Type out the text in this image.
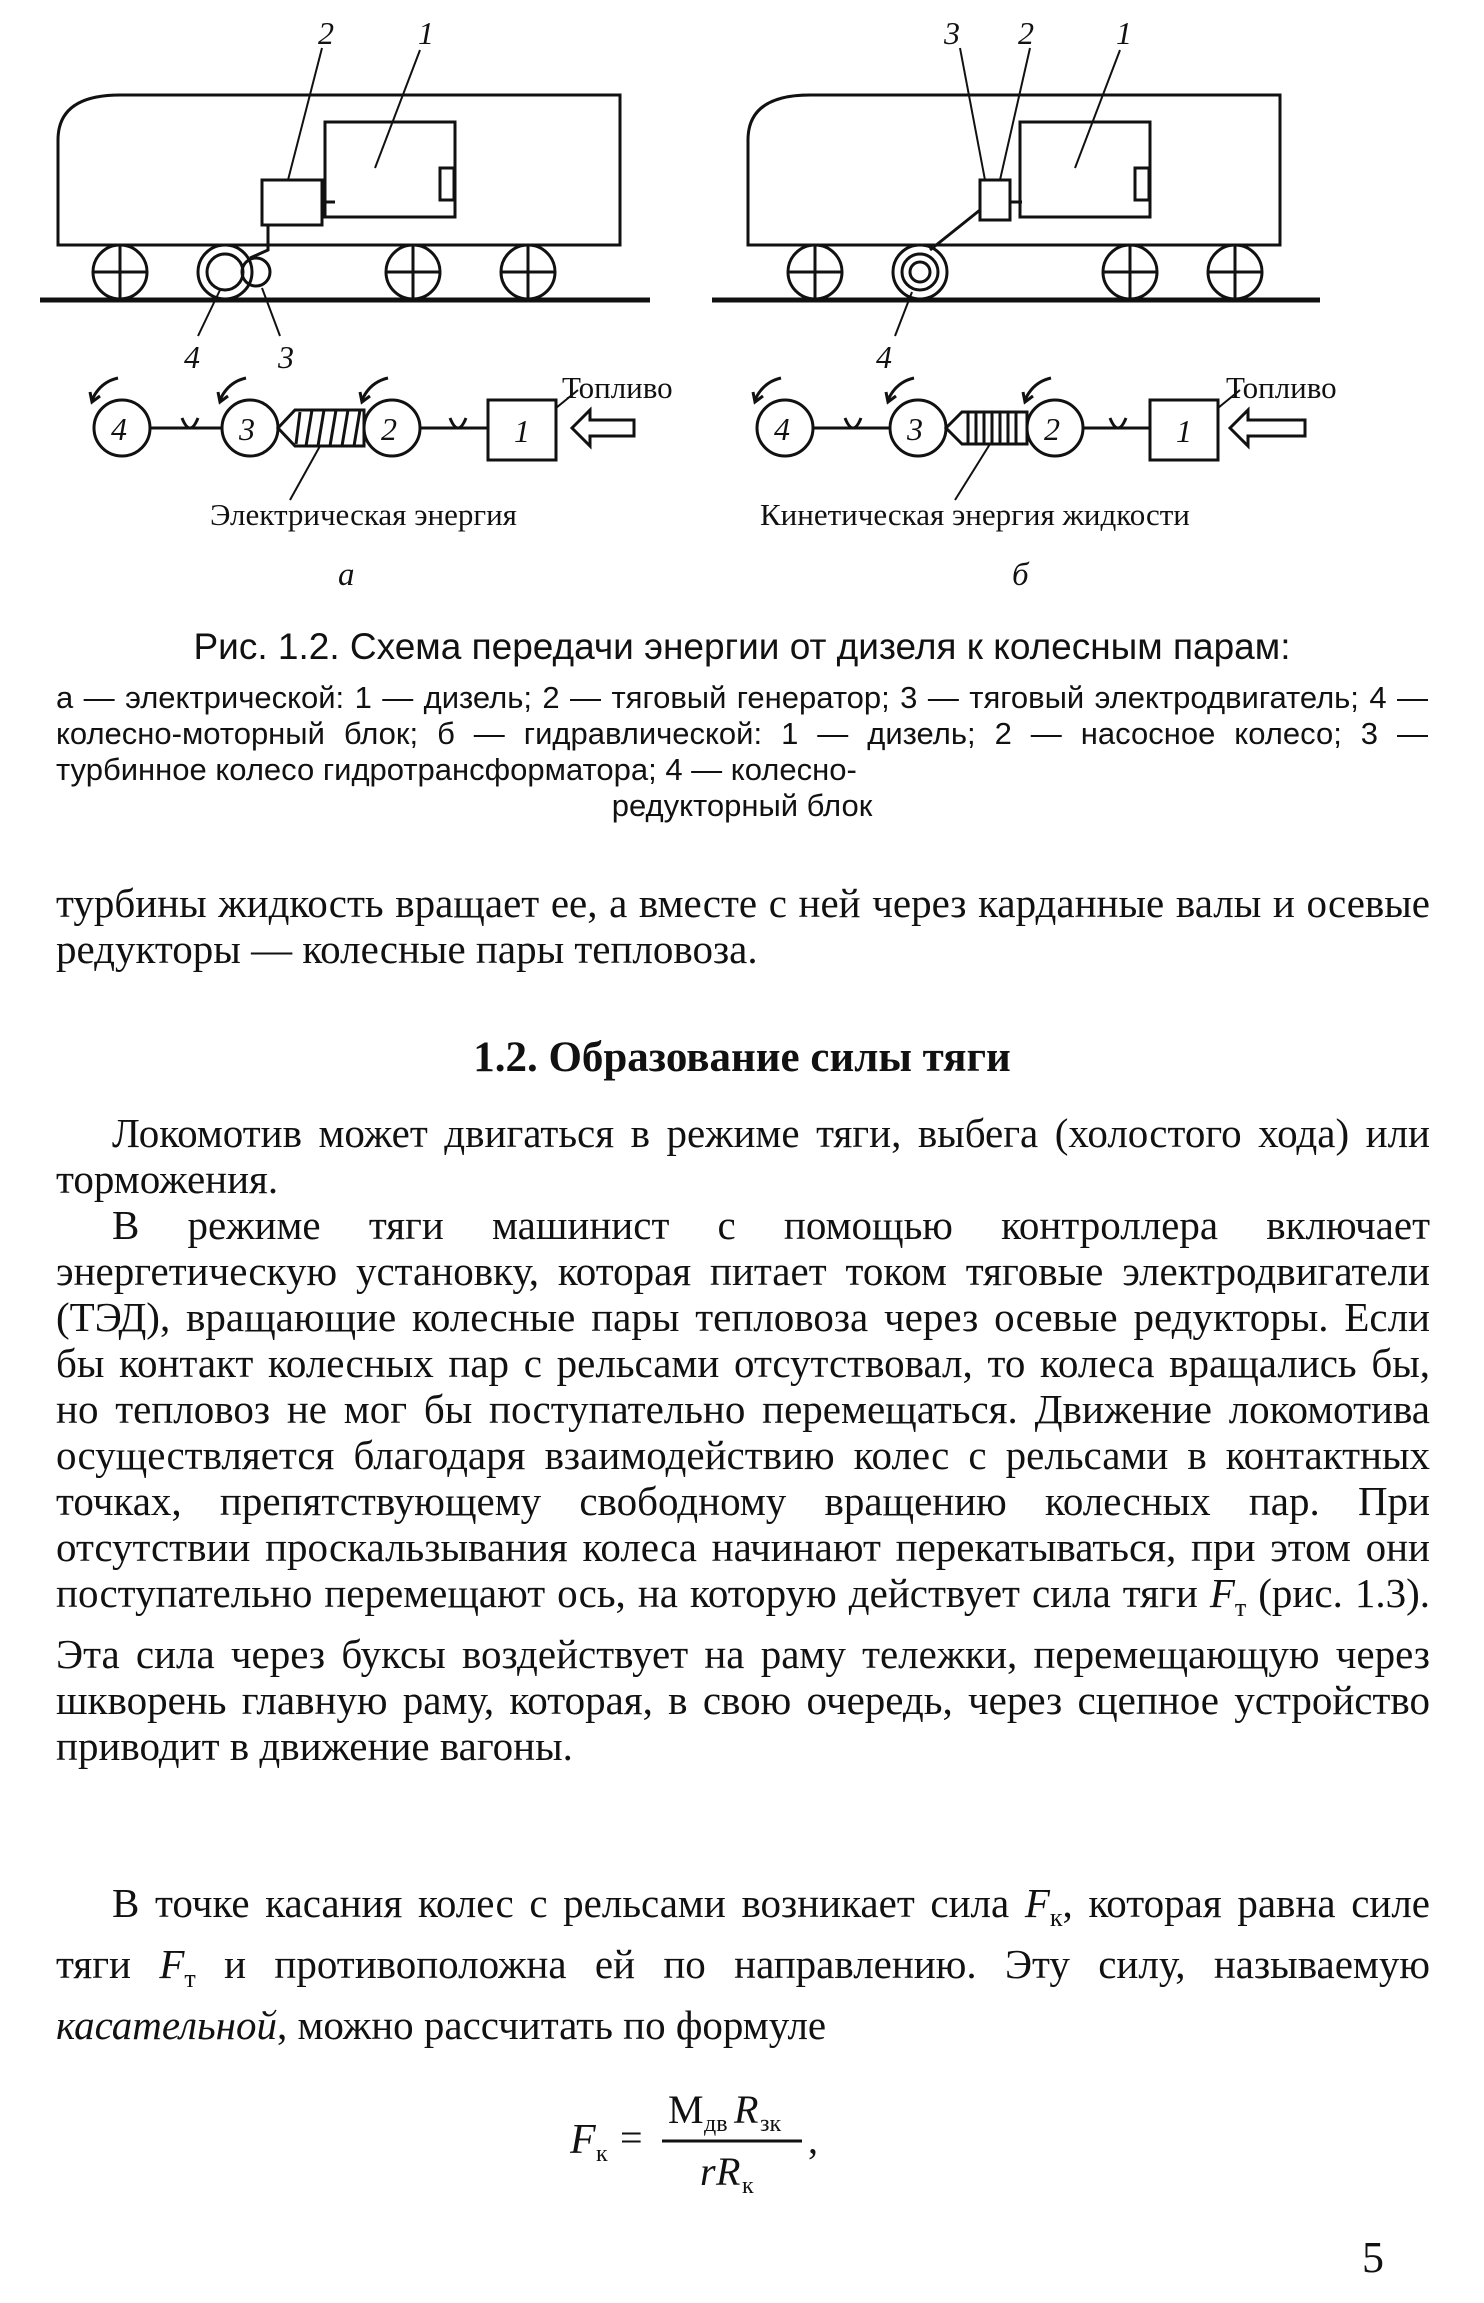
2	1
4 3
4	3	2	1
Топливо
Электрическая энергия
а
3 2	1
4
4	3	2	1
Топливо
Кинетическая энергия жидкости
б
Рис. 1.2. Схема передачи энергии от дизеля к колесным парам:
а — электрической: 1 — дизель; 2 — тяговый генератор; 3 — тяговый электродвигатель; 4 — колесно-моторный блок; б — гидравлической: 1 — дизель; 2 — насосное колесо; 3 — турбинное колесо гидротрансформатора; 4 — колесно-
редукторный блок
турбины жидкость вращает ее, а вместе с ней через карданные валы и осевые редукторы — колесные пары тепловоза.
1.2. Образование силы тяги
Локомотив может двигаться в режиме тяги, выбега (холостого хода) или торможения.
В режиме тяги машинист с помощью контроллера включает энергетическую установку, которая питает током тяговые электродвигатели (ТЭД), вращающие колесные пары тепловоза через осевые редукторы. Если бы контакт колесных пар с рельсами отсутствовал, то колеса вращались бы, но тепловоз не мог бы поступательно перемещаться. Движение локомотива осуществляется благодаря взаимодействию колес с рельсами в контактных точках, препятствующему свободному вращению колесных пар. При отсутствии проскальзывания колеса начинают перекатываться, при этом они поступательно перемещают ось, на которую действует сила тяги $F_т$ (рис. 1.3). Эта сила через буксы воздействует на раму тележки, перемещающую через шкворень главную раму, которая, в свою очередь, через сцепное устройство приводит в движение вагоны.
В точке касания колес с рельсами возникает сила $F_к$, которая равна силе тяги $F_т$ и противоположна ей по направлению. Эту силу, называемую касательной, можно рассчитать по формуле
F к =
М дв R зк
r R к
,
5
